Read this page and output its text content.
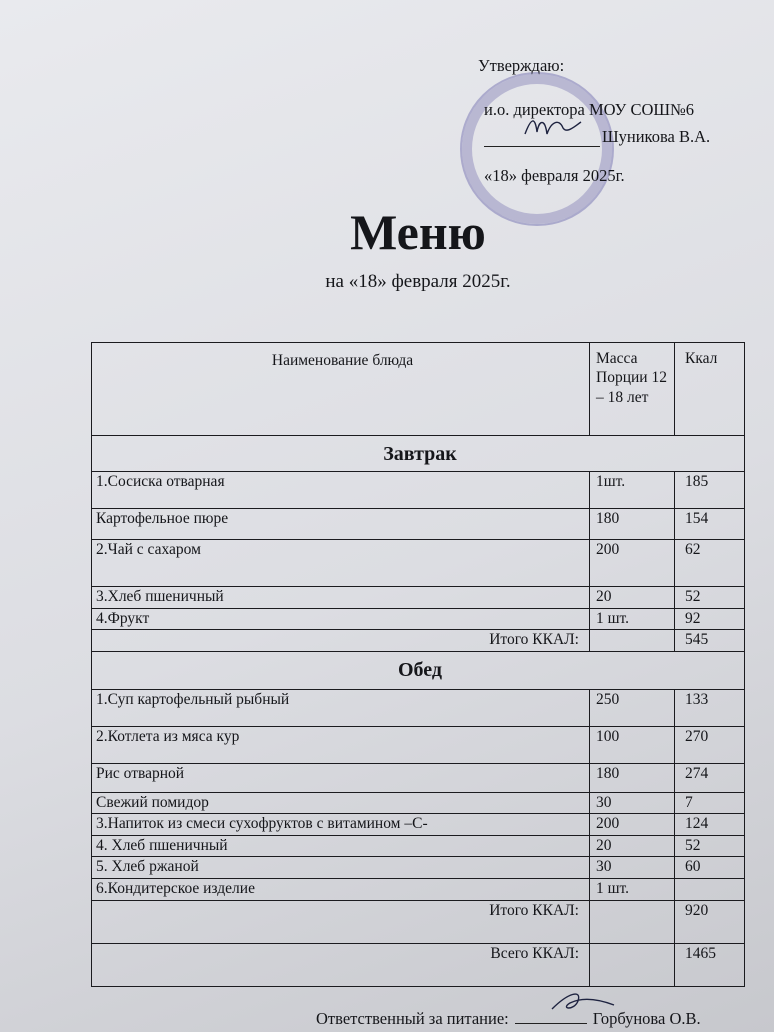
Утверждаю:
и.о. директора МОУ СОШ№6
Шуникова В.А.
«18» февраля 2025г.
Меню
на «18» февраля 2025г.
Наименование блюда	Масса Порции 12 – 18 лет	Ккал
Завтрак		
1.Сосиска отварная	1шт.	185
Картофельное пюре	180	154
2.Чай с сахаром	200	62
3.Хлеб пшеничный	20	52
4.Фрукт	1 шт.	92
Итого ККАЛ:		545
Обед		
1.Суп картофельный рыбный	250	133
2.Котлета из мяса кур	100	270
Рис отварной	180	274
Свежий помидор	30	7
3.Напиток из смеси сухофруктов с витамином –С-	200	124
4. Хлеб пшеничный	20	52
5. Хлеб ржаной	30	60
6.Кондитерское изделие	1 шт.	
Итого ККАЛ:		920
Всего ККАЛ:		1465
Ответственный за питание:	Горбунова О.В.
